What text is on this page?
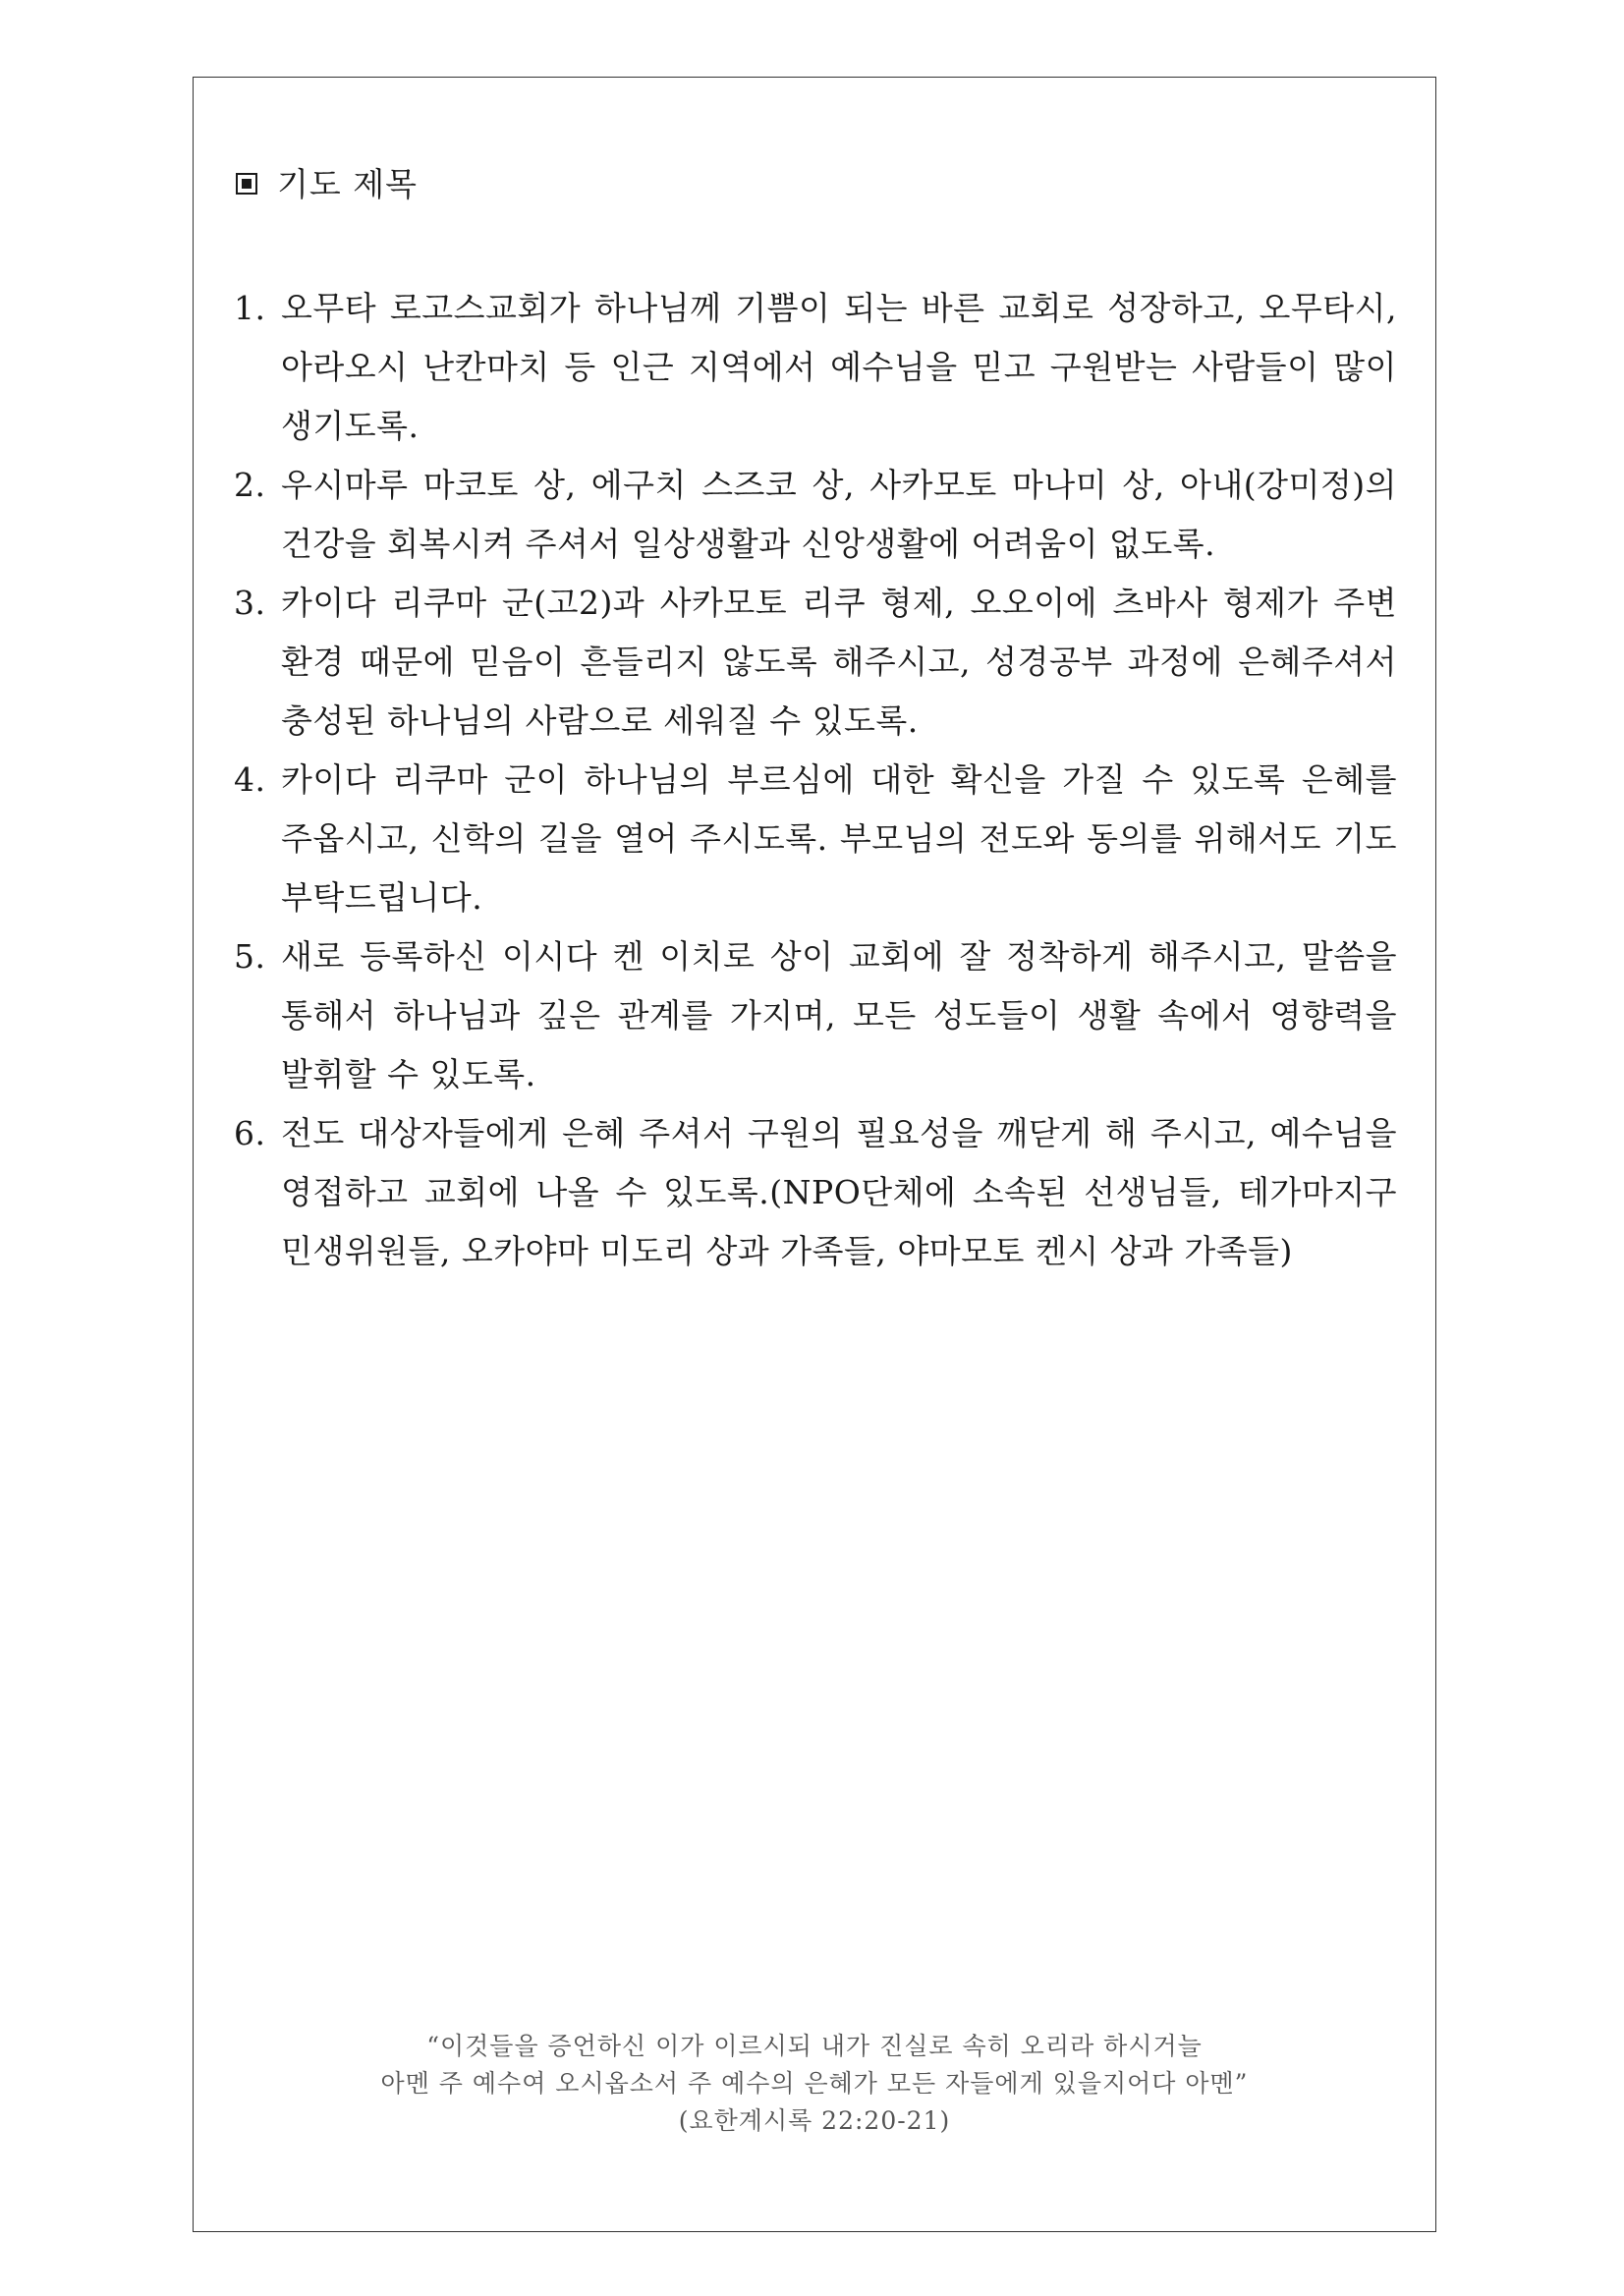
기도 제목
1. 오무타 로고스교회가 하나님께 기쁨이 되는 바른 교회로 성장하고, 오무타시, 아라오시 난칸마치 등 인근 지역에서 예수님을 믿고 구원받는 사람들이 많이 생기도록.
2. 우시마루 마코토 상, 에구치 스즈코 상, 사카모토 마나미 상, 아내(강미정)의 건강을 회복시켜 주셔서 일상생활과 신앙생활에 어려움이 없도록.
3. 카이다 리쿠마 군(고2)과 사카모토 리쿠 형제, 오오이에 츠바사 형제가 주변 환경 때문에 믿음이 흔들리지 않도록 해주시고, 성경공부 과정에 은혜주셔서 충성된 하나님의 사람으로 세워질 수 있도록.
4. 카이다 리쿠마 군이 하나님의 부르심에 대한 확신을 가질 수 있도록 은혜를 주옵시고, 신학의 길을 열어 주시도록. 부모님의 전도와 동의를 위해서도 기도 부탁드립니다.
5. 새로 등록하신 이시다 켄 이치로 상이 교회에 잘 정착하게 해주시고, 말씀을 통해서 하나님과 깊은 관계를 가지며, 모든 성도들이 생활 속에서 영향력을 발휘할 수 있도록.
6. 전도 대상자들에게 은혜 주셔서 구원의 필요성을 깨닫게 해 주시고, 예수님을 영접하고 교회에 나올 수 있도록.(NPO단체에 소속된 선생님들, 테가마지구 민생위원들, 오카야마 미도리 상과 가족들, 야마모토 켄시 상과 가족들)
“이것들을 증언하신 이가 이르시되 내가 진실로 속히 오리라 하시거늘
아멘 주 예수여 오시옵소서 주 예수의 은혜가 모든 자들에게 있을지어다 아멘”
(요한계시록 22:20-21)
